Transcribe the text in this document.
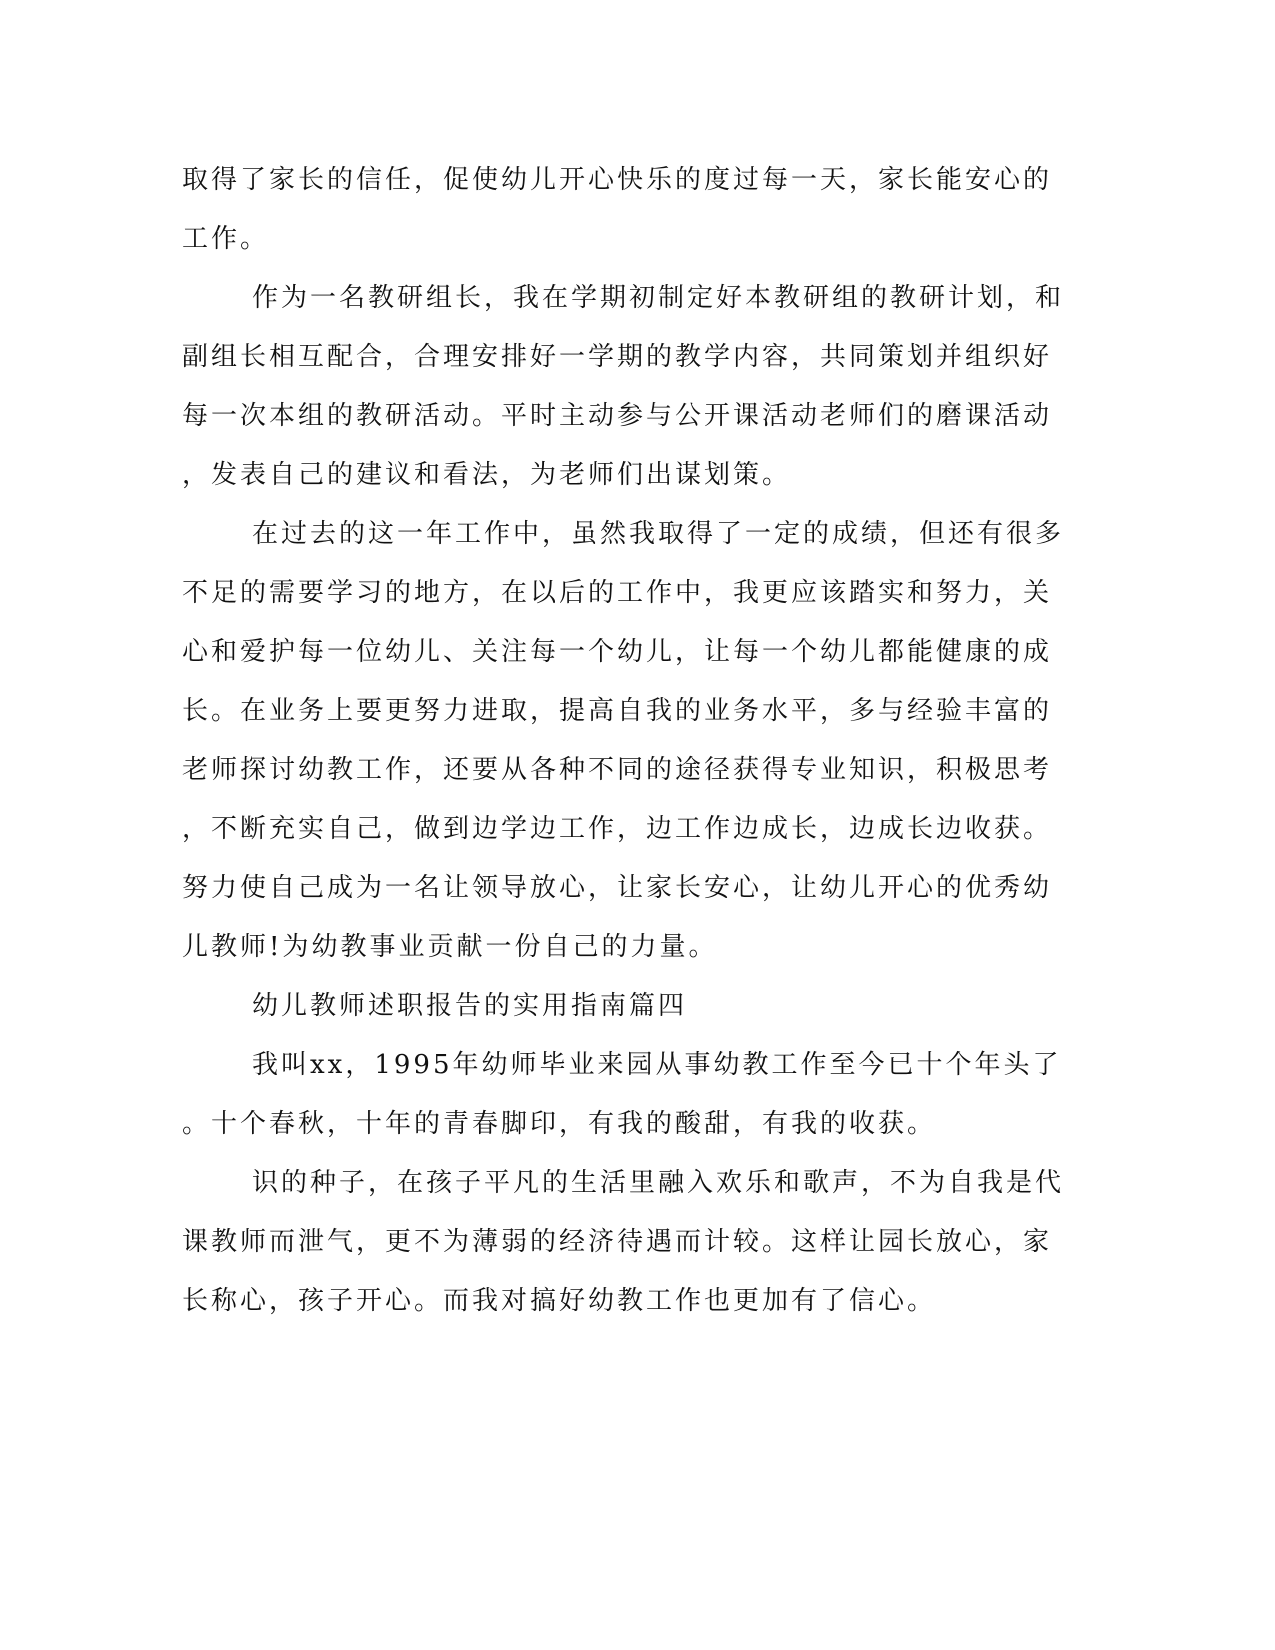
取得了家长的信任，促使幼儿开心快乐的度过每一天，家长能安心的
工作。
作为一名教研组长，我在学期初制定好本教研组的教研计划，和
副组长相互配合，合理安排好一学期的教学内容，共同策划并组织好
每一次本组的教研活动。平时主动参与公开课活动老师们的磨课活动
，发表自己的建议和看法，为老师们出谋划策。
在过去的这一年工作中，虽然我取得了一定的成绩，但还有很多
不足的需要学习的地方，在以后的工作中，我更应该踏实和努力，关
心和爱护每一位幼儿、关注每一个幼儿，让每一个幼儿都能健康的成
长。在业务上要更努力进取，提高自我的业务水平，多与经验丰富的
老师探讨幼教工作，还要从各种不同的途径获得专业知识，积极思考
，不断充实自己，做到边学边工作，边工作边成长，边成长边收获。
努力使自己成为一名让领导放心，让家长安心，让幼儿开心的优秀幼
儿教师!为幼教事业贡献一份自己的力量。
幼儿教师述职报告的实用指南篇四
我叫xx，1995年幼师毕业来园从事幼教工作至今已十个年头了
。十个春秋，十年的青春脚印，有我的酸甜，有我的收获。
识的种子，在孩子平凡的生活里融入欢乐和歌声，不为自我是代
课教师而泄气，更不为薄弱的经济待遇而计较。这样让园长放心，家
长称心，孩子开心。而我对搞好幼教工作也更加有了信心。
